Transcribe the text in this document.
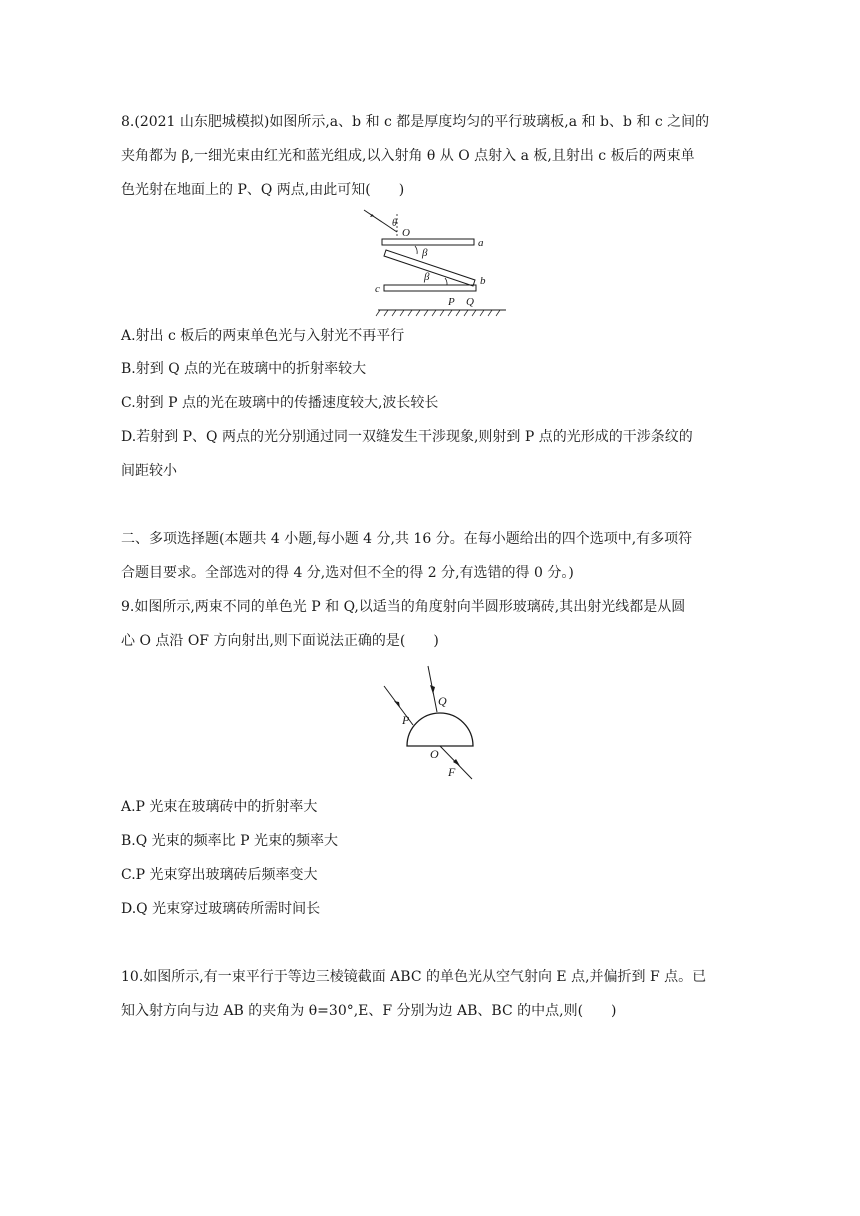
8.(2021 山东肥城模拟)如图所示,a、b 和 c 都是厚度均匀的平行玻璃板,a 和 b、b 和 c 之间的
夹角都为 β,一细光束由红光和蓝光组成,以入射角 θ 从 O 点射入 a 板,且射出 c 板后的两束单
色光射在地面上的 P、Q 两点,由此可知(　　)
θ
O
a
b
c
β
β
P Q
A.射出 c 板后的两束单色光与入射光不再平行
B.射到 Q 点的光在玻璃中的折射率较大
C.射到 P 点的光在玻璃中的传播速度较大,波长较长
D.若射到 P、Q 两点的光分别通过同一双缝发生干涉现象,则射到 P 点的光形成的干涉条纹的
间距较小
二、多项选择题(本题共 4 小题,每小题 4 分,共 16 分。在每小题给出的四个选项中,有多项符
合题目要求。全部选对的得 4 分,选对但不全的得 2 分,有选错的得 0 分。)
9.如图所示,两束不同的单色光 P 和 Q,以适当的角度射向半圆形玻璃砖,其出射光线都是从圆
心 O 点沿 OF 方向射出,则下面说法正确的是(　　)
P
Q
O
F
A.P 光束在玻璃砖中的折射率大
B.Q 光束的频率比 P 光束的频率大
C.P 光束穿出玻璃砖后频率变大
D.Q 光束穿过玻璃砖所需时间长
10.如图所示,有一束平行于等边三棱镜截面 ABC 的单色光从空气射向 E 点,并偏折到 F 点。已
知入射方向与边 AB 的夹角为 θ=30°,E、F 分别为边 AB、BC 的中点,则(　　)
